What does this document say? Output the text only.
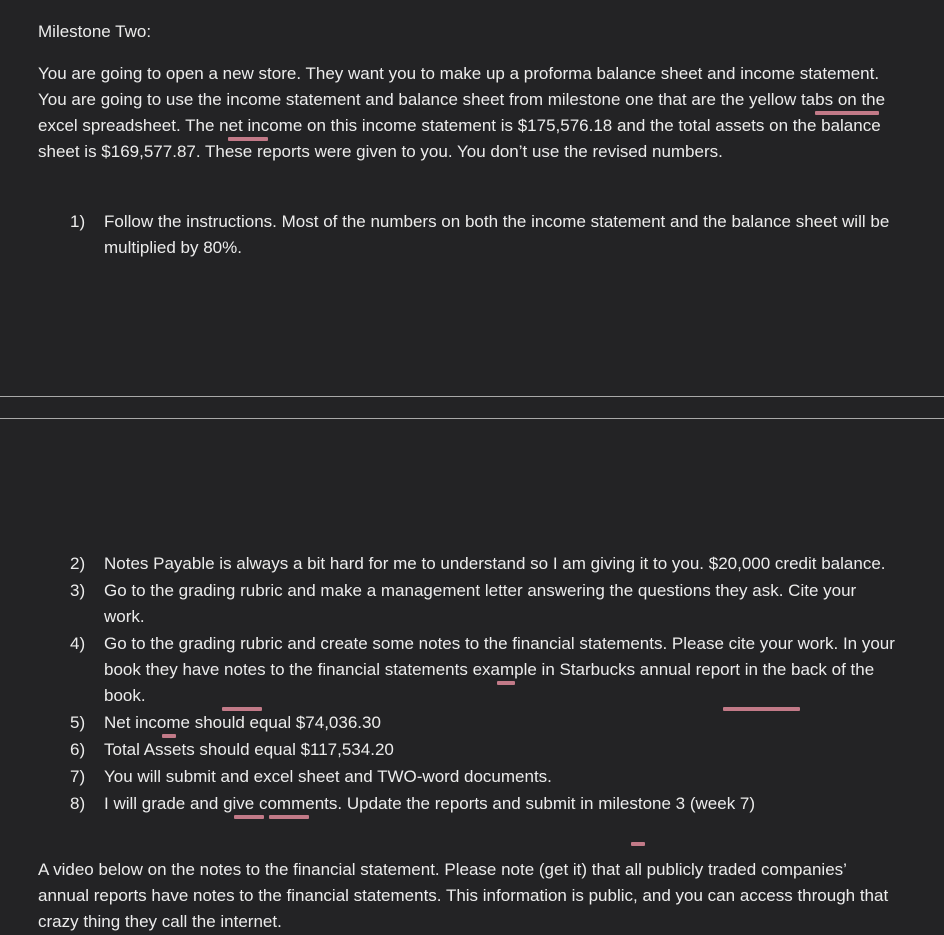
Milestone Two:
You are going to open a new store. They want you to make up a proforma balance sheet and income statement. You are going to use the income statement and balance sheet from milestone one that are the yellow tabs on the excel spreadsheet. The net income on this income statement is $175,576.18 and the total assets on the balance sheet is $169,577.87. These reports were given to you. You don’t use the revised numbers.
1) Follow the instructions. Most of the numbers on both the income statement and the balance sheet will be multiplied by 80%.
2) Notes Payable is always a bit hard for me to understand so I am giving it to you. $20,000 credit balance.
3) Go to the grading rubric and make a management letter answering the questions they ask. Cite your work.
4) Go to the grading rubric and create some notes to the financial statements. Please cite your work. In your book they have notes to the financial statements example in Starbucks annual report in the back of the book.
5) Net income should equal $74,036.30
6) Total Assets should equal $117,534.20
7) You will submit and excel sheet and TWO-word documents.
8) I will grade and give comments. Update the reports and submit in milestone 3 (week 7)
A video below on the notes to the financial statement. Please note (get it) that all publicly traded companies’ annual reports have notes to the financial statements. This information is public, and you can access through that crazy thing they call the internet.
